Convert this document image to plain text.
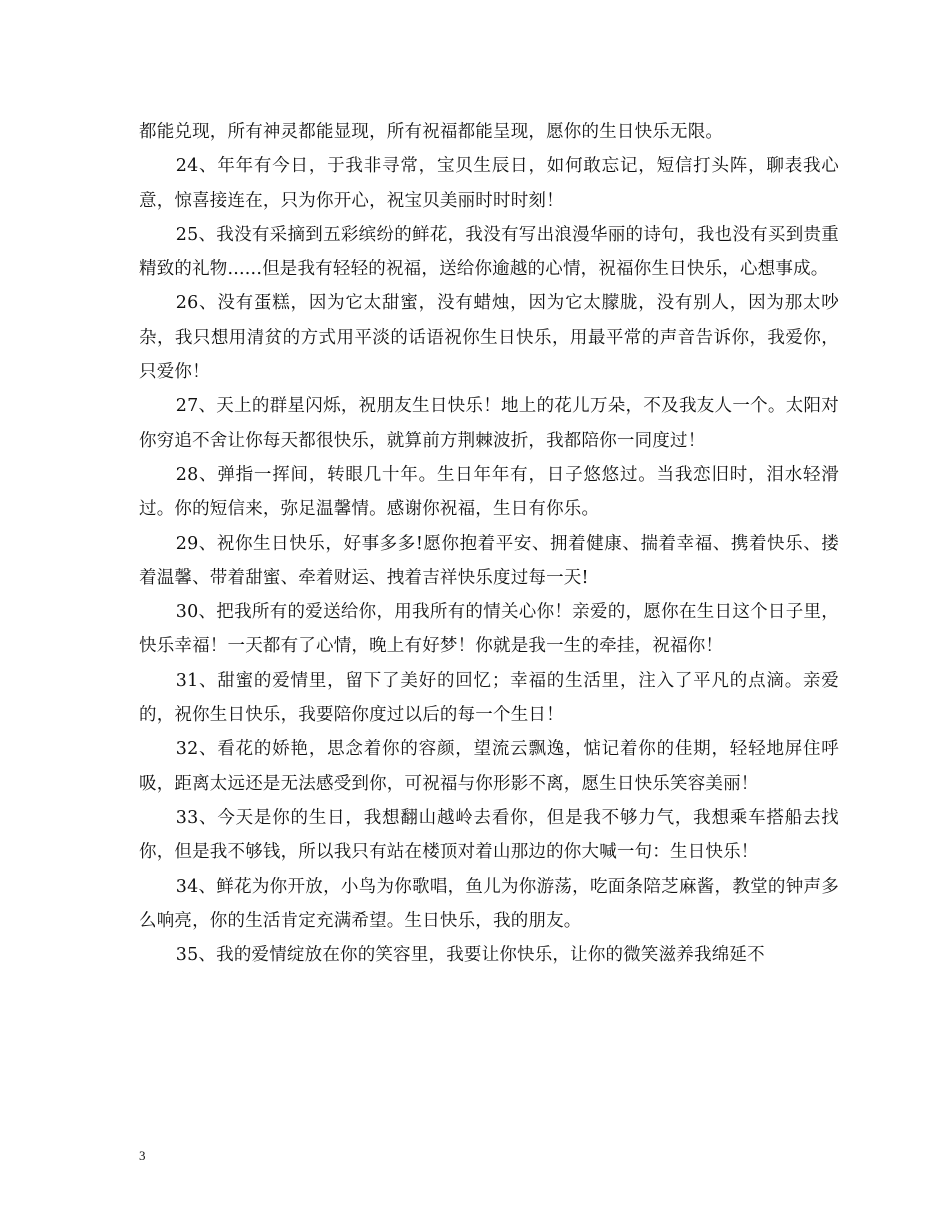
都能兑现，所有神灵都能显现，所有祝福都能呈现，愿你的生日快乐无限。

24、年年有今日，于我非寻常，宝贝生辰日，如何敢忘记，短信打头阵，聊表我心意，惊喜接连在，只为你开心，祝宝贝美丽时时时刻！

25、我没有采摘到五彩缤纷的鲜花，我没有写出浪漫华丽的诗句，我也没有买到贵重精致的礼物......但是我有轻轻的祝福，送给你逾越的心情，祝福你生日快乐，心想事成。

26、没有蛋糕，因为它太甜蜜，没有蜡烛，因为它太朦胧，没有别人，因为那太吵杂，我只想用清贫的方式用平淡的话语祝你生日快乐，用最平常的声音告诉你，我爱你，只爱你！

27、天上的群星闪烁，祝朋友生日快乐！地上的花儿万朵，不及我友人一个。太阳对你穷追不舍让你每天都很快乐，就算前方荆棘波折，我都陪你一同度过！

28、弹指一挥间，转眼几十年。生日年年有，日子悠悠过。当我恋旧时，泪水轻滑过。你的短信来，弥足温馨情。感谢你祝福，生日有你乐。

29、祝你生日快乐，好事多多!愿你抱着平安、拥着健康、揣着幸福、携着快乐、搂着温馨、带着甜蜜、牵着财运、拽着吉祥快乐度过每一天!

30、把我所有的爱送给你，用我所有的情关心你！亲爱的，愿你在生日这个日子里，快乐幸福！一天都有了心情，晚上有好梦！你就是我一生的牵挂，祝福你！

31、甜蜜的爱情里，留下了美好的回忆；幸福的生活里，注入了平凡的点滴。亲爱的，祝你生日快乐，我要陪你度过以后的每一个生日！

32、看花的娇艳，思念着你的容颜，望流云飘逸，惦记着你的佳期，轻轻地屏住呼吸，距离太远还是无法感受到你，可祝福与你形影不离，愿生日快乐笑容美丽！

33、今天是你的生日，我想翻山越岭去看你，但是我不够力气，我想乘车搭船去找你，但是我不够钱，所以我只有站在楼顶对着山那边的你大喊一句：生日快乐！

34、鲜花为你开放，小鸟为你歌唱，鱼儿为你游荡，吃面条陪芝麻酱，教堂的钟声多么响亮，你的生活肯定充满希望。生日快乐，我的朋友。

35、我的爱情绽放在你的笑容里，我要让你快乐，让你的微笑滋养我绵延不

3
